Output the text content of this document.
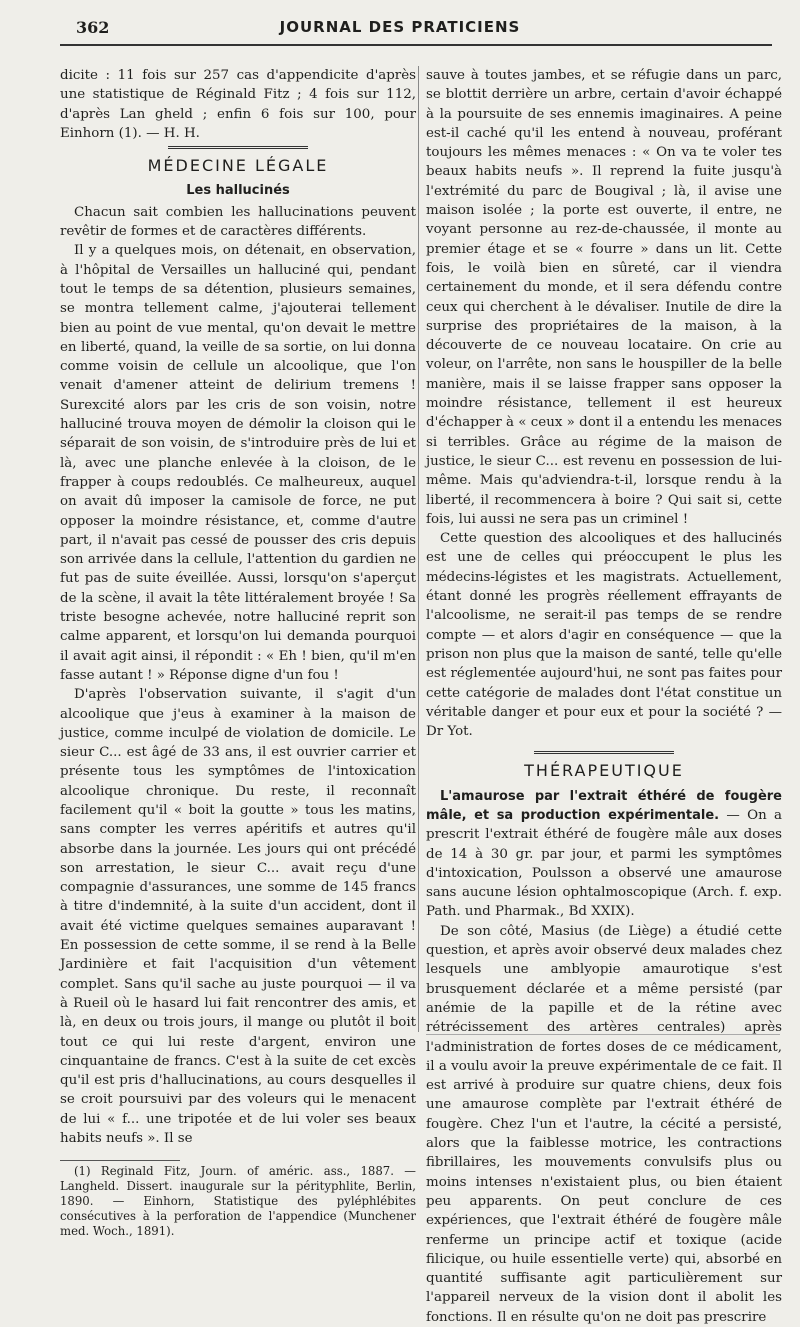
362	JOURNAL DES PRATICIENS

dicite : 11 fois sur 257 cas d'appendicite d'après une statistique de Réginald Fitz ; 4 fois sur 112, d'après Lan gheld ; enfin 6 fois sur 100, pour Einhorn (1). — H. H.

MÉDECINE LÉGALE
Les hallucinés

Chacun sait combien les hallucinations peuvent revêtir de formes et de caractères différents.

Il y a quelques mois, on détenait, en observation, à l'hôpital de Versailles un halluciné qui, pendant tout le temps de sa détention, plusieurs semaines, se montra tellement calme, j'ajouterai tellement bien au point de vue mental, qu'on devait le mettre en liberté, quand, la veille de sa sortie, on lui donna comme voisin de cellule un alcoolique, que l'on venait d'amener atteint de delirium tremens ! Surexcité alors par les cris de son voisin, notre halluciné trouva moyen de démolir la cloison qui le séparait de son voisin, de s'introduire près de lui et là, avec une planche enlevée à la cloison, de le frapper à coups redoublés. Ce malheureux, auquel on avait dû imposer la camisole de force, ne put opposer la moindre résistance, et, comme d'autre part, il n'avait pas cessé de pousser des cris depuis son arrivée dans la cellule, l'attention du gardien ne fut pas de suite éveillée. Aussi, lorsqu'on s'aperçut de la scène, il avait la tête littéralement broyée ! Sa triste besogne achevée, notre halluciné reprit son calme apparent, et lorsqu'on lui demanda pourquoi il avait agit ainsi, il répondit : « Eh ! bien, qu'il m'en fasse autant ! » Réponse digne d'un fou !

D'après l'observation suivante, il s'agit d'un alcoolique que j'eus à examiner à la maison de justice, comme inculpé de violation de domicile. Le sieur C... est âgé de 33 ans, il est ouvrier carrier et présente tous les symptômes de l'intoxication alcoolique chronique. Du reste, il reconnaît facilement qu'il « boit la goutte » tous les matins, sans compter les verres apéritifs et autres qu'il absorbe dans la journée. Les jours qui ont précédé son arrestation, le sieur C... avait reçu d'une compagnie d'assurances, une somme de 145 francs à titre d'indemnité, à la suite d'un accident, dont il avait été victime quelques semaines auparavant ! En possession de cette somme, il se rend à la Belle Jardinière et fait l'acquisition d'un vêtement complet. Sans qu'il sache au juste pourquoi — il va à Rueil où le hasard lui fait rencontrer des amis, et là, en deux ou trois jours, il mange ou plutôt il boit tout ce qui lui reste d'argent, environ une cinquantaine de francs. C'est à la suite de cet excès qu'il est pris d'hallucinations, au cours desquelles il se croit poursuivi par des voleurs qui le menacent de lui « f... une tripotée et de lui voler ses beaux habits neufs ». Il se

(1) Reginald Fitz, Journ. of améric. ass., 1887. — Langheld. Dissert. inaugurale sur la pérityphlite, Berlin, 1890. — Einhorn, Statistique des pyléphlébites consécutives à la perforation de l'appendice (Munchener med. Woch., 1891).

sauve à toutes jambes, et se réfugie dans un parc, se blottit derrière un arbre, certain d'avoir échappé à la poursuite de ses ennemis imaginaires. A peine est-il caché qu'il les entend à nouveau, proférant toujours les mêmes menaces : « On va te voler tes beaux habits neufs ». Il reprend la fuite jusqu'à l'extrémité du parc de Bougival ; là, il avise une maison isolée ; la porte est ouverte, il entre, ne voyant personne au rez-de-chaussée, il monte au premier étage et se « fourre » dans un lit. Cette fois, le voilà bien en sûreté, car il viendra certainement du monde, et il sera défendu contre ceux qui cherchent à le dévaliser. Inutile de dire la surprise des propriétaires de la maison, à la découverte de ce nouveau locataire. On crie au voleur, on l'arrête, non sans le houspiller de la belle manière, mais il se laisse frapper sans opposer la moindre résistance, tellement il est heureux d'échapper à « ceux » dont il a entendu les menaces si terribles. Grâce au régime de la maison de justice, le sieur C... est revenu en possession de lui-même. Mais qu'adviendra-t-il, lorsque rendu à la liberté, il recommencera à boire ? Qui sait si, cette fois, lui aussi ne sera pas un criminel !

Cette question des alcooliques et des hallucinés est une de celles qui préoccupent le plus les médecins-légistes et les magistrats. Actuellement, étant donné les progrès réellement effrayants de l'alcoolisme, ne serait-il pas temps de se rendre compte — et alors d'agir en conséquence — que la prison non plus que la maison de santé, telle qu'elle est réglementée aujourd'hui, ne sont pas faites pour cette catégorie de malades dont l'état constitue un véritable danger et pour eux et pour la société ? — Dr Yot.

THÉRAPEUTIQUE

L'amaurose par l'extrait éthéré de fougère mâle, et sa production expérimentale. — On a prescrit l'extrait éthéré de fougère mâle aux doses de 14 à 30 gr. par jour, et parmi les symptômes d'intoxication, Poulsson a observé une amaurose sans aucune lésion ophtalmoscopique (Arch. f. exp. Path. und Pharmak., Bd XXIX).

De son côté, Masius (de Liège) a étudié cette question, et après avoir observé deux malades chez lesquels une amblyopie amaurotique s'est brusquement déclarée et a même persisté (par anémie de la papille et de la rétine avec rétrécissement des artères centrales) après l'administration de fortes doses de ce médicament, il a voulu avoir la preuve expérimentale de ce fait. Il est arrivé à produire sur quatre chiens, deux fois une amaurose complète par l'extrait éthéré de fougère. Chez l'un et l'autre, la cécité a persisté, alors que la faiblesse motrice, les contractions fibrillaires, les mouvements convulsifs plus ou moins intenses n'existaient plus, ou bien étaient peu apparents. On peut conclure de ces expériences, que l'extrait éthéré de fougère mâle renferme un principe actif et toxique (acide filicique, ou huile essentielle verte) qui, absorbé en quantité suffisante agit particulièrement sur l'appareil nerveux de la vision dont il abolit les fonctions. Il en résulte qu'on ne doit pas prescrire
